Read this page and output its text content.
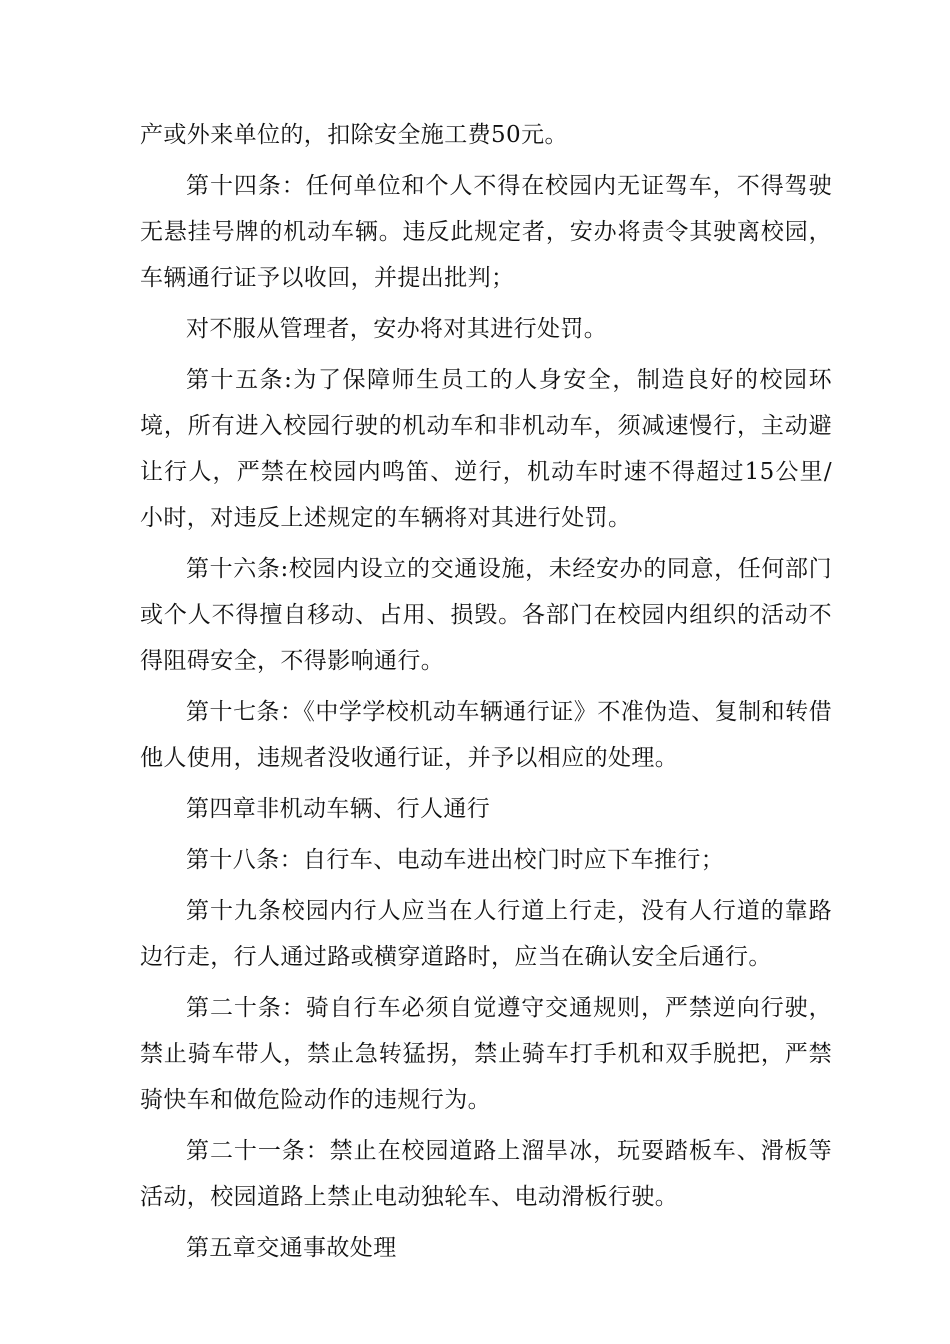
产或外来单位的，扣除安全施工费50元。

第十四条：任何单位和个人不得在校园内无证驾车，不得驾驶无悬挂号牌的机动车辆。违反此规定者，安办将责令其驶离校园，车辆通行证予以收回，并提出批判；

对不服从管理者，安办将对其进行处罚。

第十五条:为了保障师生员工的人身安全，制造良好的校园环境，所有进入校园行驶的机动车和非机动车，须减速慢行，主动避让行人，严禁在校园内鸣笛、逆行，机动车时速不得超过15公里/小时，对违反上述规定的车辆将对其进行处罚。

第十六条:校园内设立的交通设施，未经安办的同意，任何部门或个人不得擅自移动、占用、损毁。各部门在校园内组织的活动不得阻碍安全，不得影响通行。

第十七条：《中学学校机动车辆通行证》不准伪造、复制和转借他人使用，违规者没收通行证，并予以相应的处理。

第四章非机动车辆、行人通行

第十八条：自行车、电动车进出校门时应下车推行；

第十九条校园内行人应当在人行道上行走，没有人行道的靠路边行走，行人通过路或横穿道路时，应当在确认安全后通行。

第二十条：骑自行车必须自觉遵守交通规则，严禁逆向行驶，禁止骑车带人，禁止急转猛拐，禁止骑车打手机和双手脱把，严禁骑快车和做危险动作的违规行为。

第二十一条：禁止在校园道路上溜旱冰，玩耍踏板车、滑板等活动，校园道路上禁止电动独轮车、电动滑板行驶。

第五章交通事故处理
